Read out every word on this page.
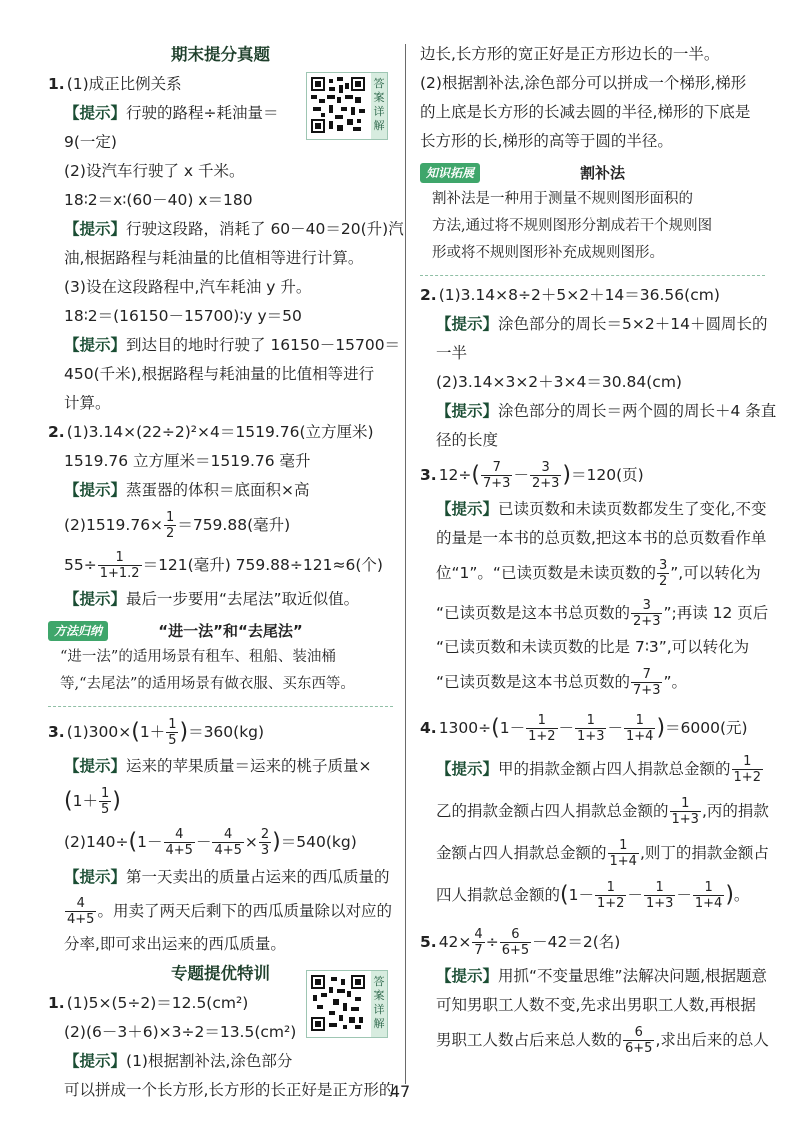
期末提分真题
答案详解
1. (1)成正比例关系
【提示】行驶的路程÷耗油量＝
9(一定)
(2)设汽车行驶了 x 千米。
18∶2＝x∶(60－40) x＝180
【提示】行驶这段路，消耗了 60－40＝20(升)汽
油,根据路程与耗油量的比值相等进行计算。
(3)设在这段路程中,汽车耗油 y 升。
18∶2＝(16150－15700)∶y y＝50
【提示】到达目的地时行驶了 16150－15700＝
450(千米),根据路程与耗油量的比值相等进行
计算。
2. (1)3.14×(22÷2)²×4＝1519.76(立方厘米)
1519.76 立方厘米＝1519.76 毫升
【提示】蒸蛋器的体积＝底面积×高
$(2)1519.76\times \frac{1}{2} =759.88$(毫升)
$55\div \frac{1}{1+1.2} =121$(毫升) 759.88÷121≈6(个)
【提示】最后一步要用“去尾法”取近似值。
方法归纳	“进一法”和“去尾法”
“进一法”的适用场景有租车、租船、装油桶
等,“去尾法”的适用场景有做衣服、买东西等。
3. $(1)300\times(1+ \frac{1}{5} )=360(kg)$
【提示】运来的苹果质量＝运来的桃子质量×
($1+ \frac{1}{5}$ )
$(2)140\div(1- \frac{4}{4+5} - \frac{4}{4+5} \times \frac{2}{3} )=540(kg)$
【提示】第一天卖出的质量占运来的西瓜质量的
$\frac{4}{4+5}$ 。用卖了两天后剩下的西瓜质量除以对应的
分率,即可求出运来的西瓜质量。
专题提优特训	答案详解
1. (1)5×(5÷2)＝12.5(cm²)
(2)(6－3＋6)×3÷2＝13.5(cm²)
【提示】(1)根据割补法,涂色部分
可以拼成一个长方形,长方形的长正好是正方形的
边长,长方形的宽正好是正方形边长的一半。
(2)根据割补法,涂色部分可以拼成一个梯形,梯形
的上底是长方形的长减去圆的半径,梯形的下底是
长方形的长,梯形的高等于圆的半径。
知识拓展	割补法
割补法是一种用于测量不规则图形面积的
方法,通过将不规则图形分割成若干个规则图
形或将不规则图形补充成规则图形。
2. (1)3.14×8÷2＋5×2＋14＝36.56(cm)
【提示】涂色部分的周长＝5×2＋14＋圆周长的
一半
(2)3.14×3×2＋3×4＝30.84(cm)
【提示】涂色部分的周长＝两个圆的周长＋4 条直
径的长度
3. $12\div( \frac{7}{7+3} - \frac{3}{2+3} )=120$(页)
【提示】已读页数和未读页数都发生了变化,不变
的量是一本书的总页数,把这本书的总页数看作单
位“1”。“已读页数是未读页数的 $\frac{3}{2}$ ”,可以转化为
“已读页数是这本书总页数的 $\frac{3}{2+3}$ ”;再读 12 页后
“已读页数和未读页数的比是 7∶3”,可以转化为
“已读页数是这本书总页数的 $\frac{7}{7+3}$ ”。
4. $1300\div(1- \frac{1}{1+2} - \frac{1}{1+3} - \frac{1}{1+4} )=6000$(元)
【提示】甲的捐款金额占四人捐款总金额的 $\frac{1}{1+2}$
乙的捐款金额占四人捐款总金额的 $\frac{1}{1+3}$ ,丙的捐款
金额占四人捐款总金额的 $\frac{1}{1+4}$ ,则丁的捐款金额占
四人捐款总金额的($1- \frac{1}{1+2} - \frac{1}{1+3} - \frac{1}{1+4}$ )。
5. $42\times \frac{4}{7} \div \frac{6}{6+5} -42=2$(名)
【提示】用抓“不变量思维”法解决问题,根据题意
可知男职工人数不变,先求出男职工人数,再根据
男职工人数占后来总人数的 $\frac{6}{6+5}$ ,求出后来的总人
47
